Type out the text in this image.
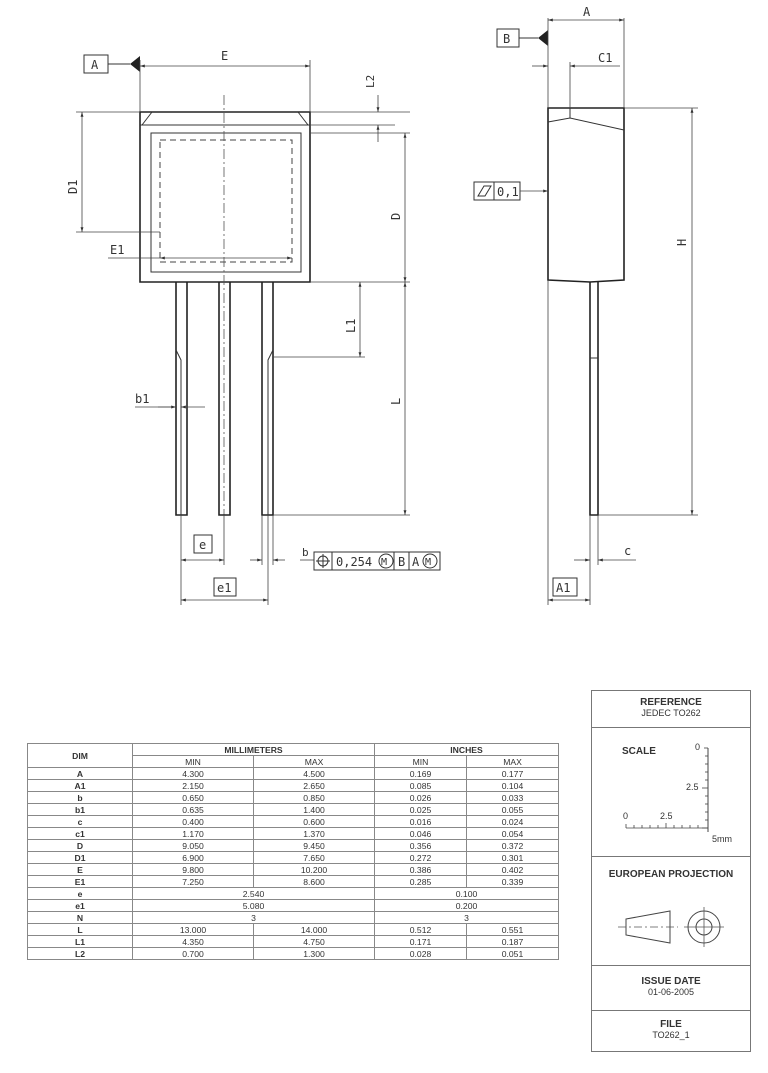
A
E
L2
D1
D
E1
L1
L
b1
b
0,254 M B A M
e
e1
B
A
C1
0,1
H
c
A1
DIM	MILLIMETERS		INCHES	
	MIN	MAX	MIN	MAX
A	4.300	4.500	0.169	0.177
A1	2.150	2.650	0.085	0.104
b	0.650	0.850	0.026	0.033
b1	0.635	1.400	0.025	0.055
c	0.400	0.600	0.016	0.024
c1	1.170	1.370	0.046	0.054
D	9.050	9.450	0.356	0.372
D1	6.900	7.650	0.272	0.301
E	9.800	10.200	0.386	0.402
E1	7.250	8.600	0.285	0.339
e	2.540		0.100	
e1	5.080		0.200	
N	3		3	
L	13.000	14.000	0.512	0.551
L1	4.350	4.750	0.171	0.187
L2	0.700	1.300	0.028	0.051
REFERENCE
JEDEC TO262
SCALE	0
2.5
0	2.5
5mm
EUROPEAN PROJECTION
ISSUE DATE
01-06-2005
FILE
TO262_1
